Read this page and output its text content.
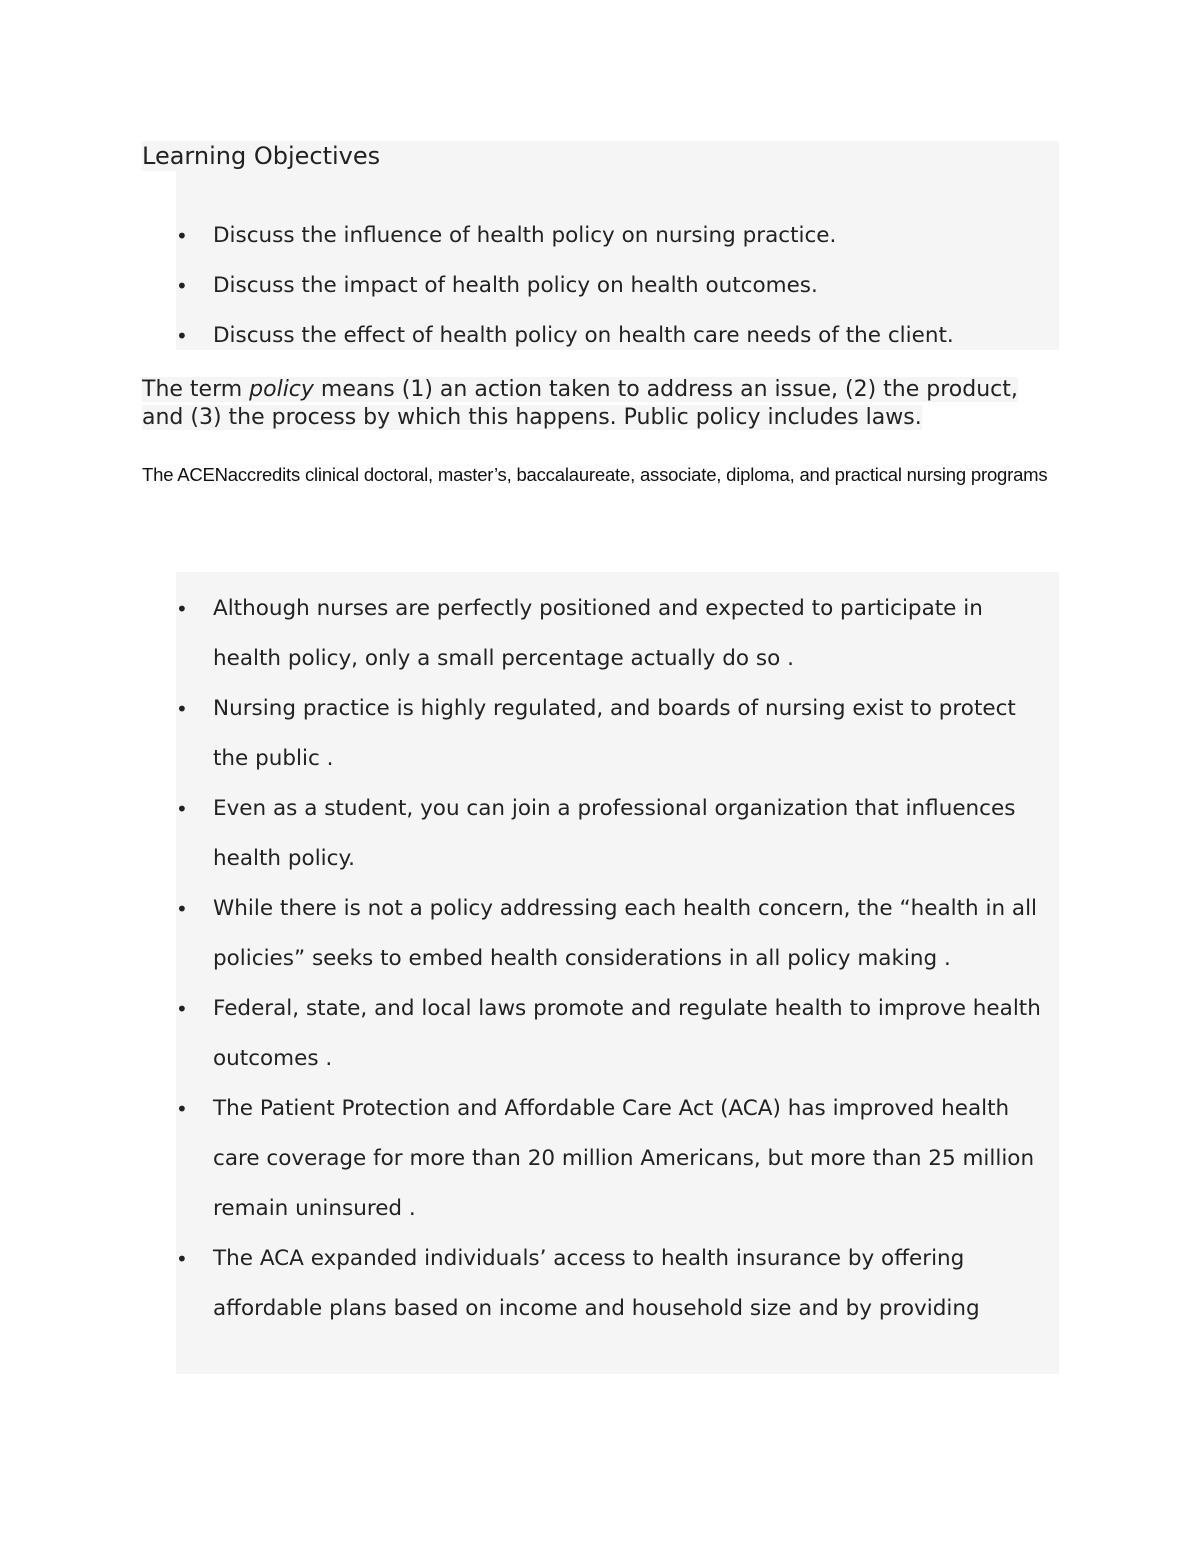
Learning Objectives
• Discuss the influence of health policy on nursing practice.
• Discuss the impact of health policy on health outcomes.
• Discuss the effect of health policy on health care needs of the client.

The term policy means (1) an action taken to address an issue, (2) the product, and (3) the process by which this happens. Public policy includes laws.

The ACENaccredits clinical doctoral, master’s, baccalaureate, associate, diploma, and practical nursing programs

• Although nurses are perfectly positioned and expected to participate in health policy, only a small percentage actually do so .
• Nursing practice is highly regulated, and boards of nursing exist to protect the public .
• Even as a student, you can join a professional organization that influences health policy.
• While there is not a policy addressing each health concern, the “health in all policies” seeks to embed health considerations in all policy making .
• Federal, state, and local laws promote and regulate health to improve health outcomes .
• The Patient Protection and Affordable Care Act (ACA) has improved health care coverage for more than 20 million Americans, but more than 25 million remain uninsured .
• The ACA expanded individuals’ access to health insurance by offering affordable plans based on income and household size and by providing
